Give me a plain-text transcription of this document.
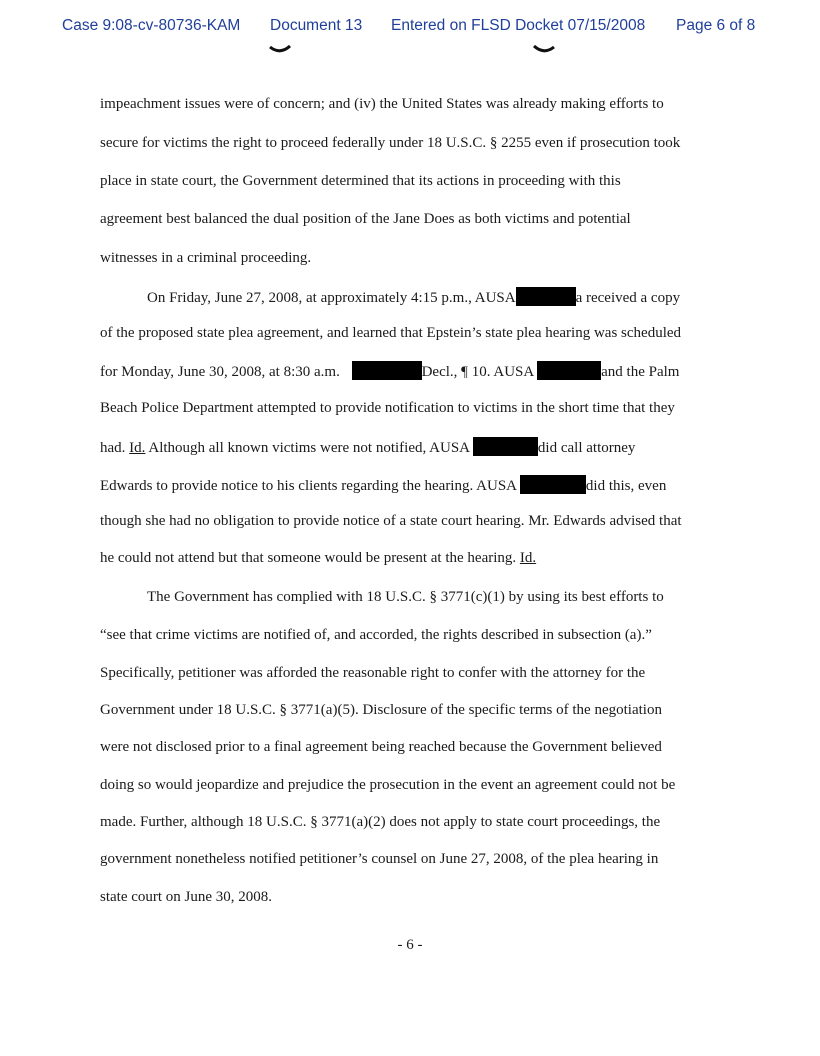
Case 9:08-cv-80736-KAM Document 13 Entered on FLSD Docket 07/15/2008 Page 6 of 8
impeachment issues were of concern; and (iv) the United States was already making efforts to
secure for victims the right to proceed federally under 18 U.S.C. § 2255 even if prosecution took
place in state court, the Government determined that its actions in proceeding with this
agreement best balanced the dual position of the Jane Does as both victims and potential
witnesses in a criminal proceeding.
On Friday, June 27, 2008, at approximately 4:15 p.m., AUSA	a received a copy
of the proposed state plea agreement, and learned that Epstein’s state plea hearing was scheduled
for Monday, June 30, 2008, at 8:30 a.m.	Decl., ¶ 10. AUSA	and the Palm
Beach Police Department attempted to provide notification to victims in the short time that they
had. Id. Although all known victims were not notified, AUSA	did call attorney
Edwards to provide notice to his clients regarding the hearing. AUSA	did this, even
though she had no obligation to provide notice of a state court hearing. Mr. Edwards advised that
he could not attend but that someone would be present at the hearing. Id.
The Government has complied with 18 U.S.C. § 3771(c)(1) by using its best efforts to
“see that crime victims are notified of, and accorded, the rights described in subsection (a).”
Specifically, petitioner was afforded the reasonable right to confer with the attorney for the
Government under 18 U.S.C. § 3771(a)(5). Disclosure of the specific terms of the negotiation
were not disclosed prior to a final agreement being reached because the Government believed
doing so would jeopardize and prejudice the prosecution in the event an agreement could not be
made. Further, although 18 U.S.C. § 3771(a)(2) does not apply to state court proceedings, the
government nonetheless notified petitioner’s counsel on June 27, 2008, of the plea hearing in
state court on June 30, 2008.
- 6 -
